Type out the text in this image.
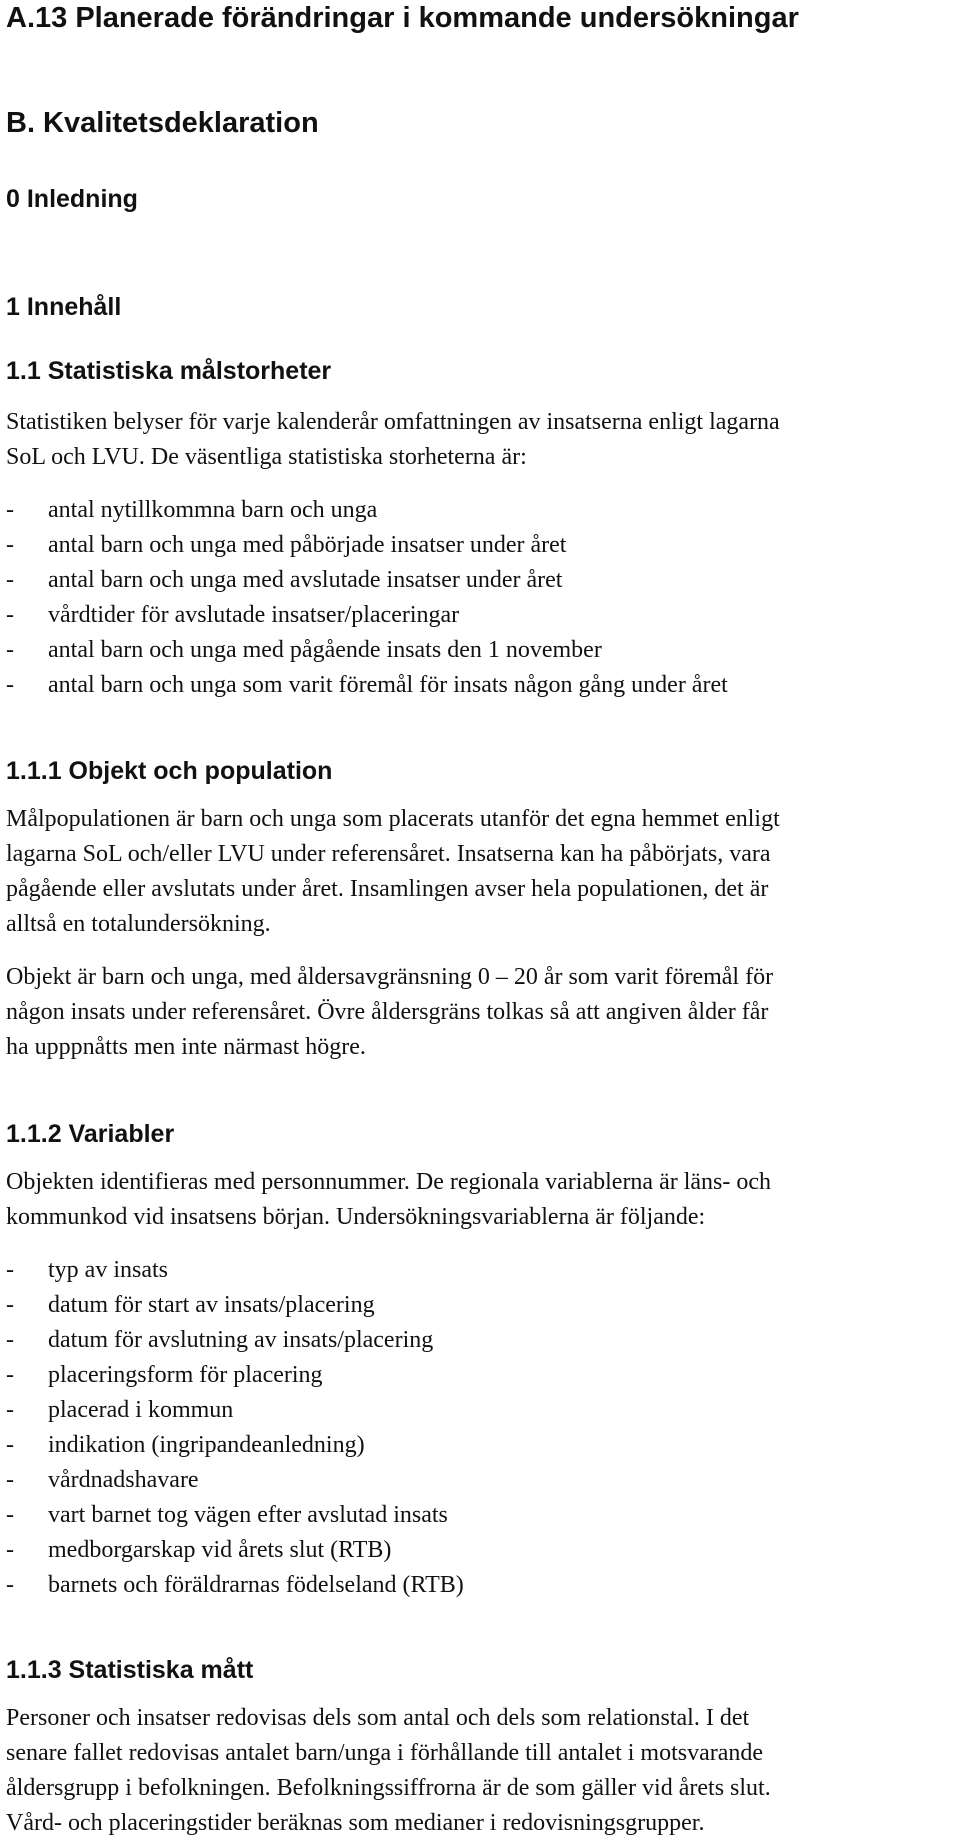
A.13 Planerade förändringar i kommande undersökningar
B. Kvalitetsdeklaration
0 Inledning
1 Innehåll
1.1 Statistiska målstorheter

Statistiken belyser för varje kalenderår omfattningen av insatserna enligt lagarna
SoL och LVU. De väsentliga statistiska storheterna är:

-	antal nytillkommna barn och unga
-	antal barn och unga med påbörjade insatser under året
-	antal barn och unga med avslutade insatser under året
-	vårdtider för avslutade insatser/placeringar
-	antal barn och unga med pågående insats den 1 november
-	antal barn och unga som varit föremål för insats någon gång under året
1.1.1 Objekt och population

Målpopulationen är barn och unga som placerats utanför det egna hemmet enligt
lagarna SoL och/eller LVU under referensåret. Insatserna kan ha påbörjats, vara
pågående eller avslutats under året. Insamlingen avser hela populationen, det är
alltså en totalundersökning.

Objekt är barn och unga, med åldersavgränsning 0 – 20 år som varit föremål för
någon insats under referensåret. Övre åldersgräns tolkas så att angiven ålder får
ha upppnåtts men inte närmast högre.

1.1.2 Variabler

Objekten identifieras med personnummer. De regionala variablerna är läns- och
kommunkod vid insatsens början. Undersökningsvariablerna är följande:

-	typ av insats
-	datum för start av insats/placering
-	datum för avslutning av insats/placering
-	placeringsform för placering
-	placerad i kommun
-	indikation (ingripandeanledning)
-	vårdnadshavare
-	vart barnet tog vägen efter avslutad insats
-	medborgarskap vid årets slut (RTB)
-	barnets och föräldrarnas födelseland (RTB)
1.1.3 Statistiska mått

Personer och insatser redovisas dels som antal och dels som relationstal. I det
senare fallet redovisas antalet barn/unga i förhållande till antalet i motsvarande
åldersgrupp i befolkningen. Befolkningssiffrorna är de som gäller vid årets slut.
Vård- och placeringstider beräknas som medianer i redovisningsgrupper.
